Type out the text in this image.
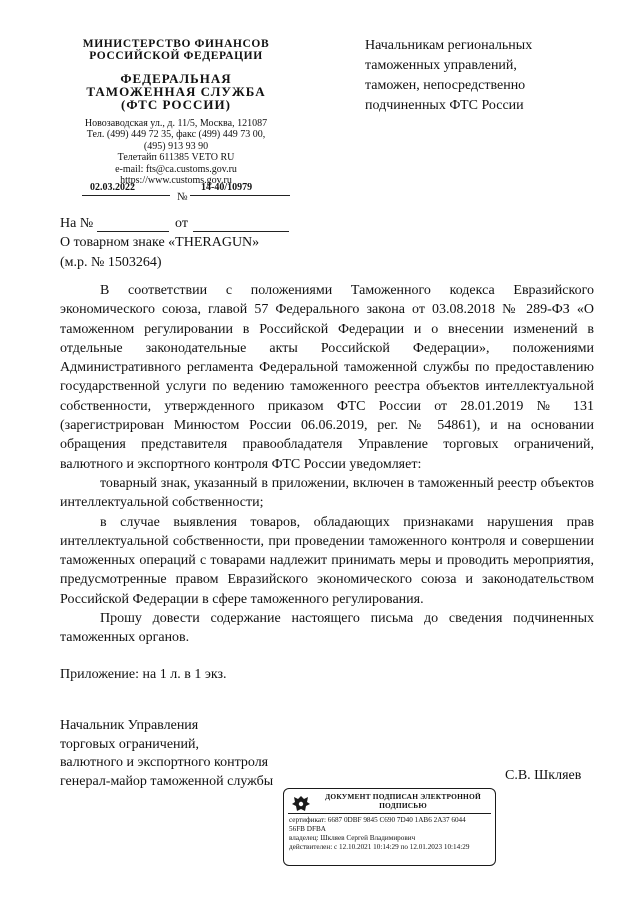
МИНИСТЕРСТВО ФИНАНСОВ
РОССИЙСКОЙ ФЕДЕРАЦИИ
ФЕДЕРАЛЬНАЯ
ТАМОЖЕННАЯ СЛУЖБА
(ФТС РОССИИ)
Новозаводская ул., д. 11/5, Москва, 121087
Тел. (499) 449 72 35, факс (499) 449 73 00,
(495) 913 93 90
Телетайп 611385 VETO RU
e-mail: fts@ca.customs.gov.ru
https://www.customs.gov.ru
02.03.2022	14-40/10979
№
Начальникам региональных
таможенных управлений,
таможен, непосредственно
подчиненных ФТС России
На №	от
О товарном знаке «THERAGUN»
(м.р. № 1503264)

В соответствии с положениями Таможенного кодекса Евразийского экономического союза, главой 57 Федерального закона от 03.08.2018 № 289-ФЗ «О таможенном регулировании в Российской Федерации и о внесении изменений в отдельные законодательные акты Российской Федерации», положениями Административного регламента Федеральной таможенной службы по предоставлению государственной услуги по ведению таможенного реестра объектов интеллектуальной собственности, утвержденного приказом ФТС России от 28.01.2019 № 131 (зарегистрирован Минюстом России 06.06.2019, рег. № 54861), и на основании обращения представителя правообладателя Управление торговых ограничений, валютного и экспортного контроля ФТС России уведомляет:

товарный знак, указанный в приложении, включен в таможенный реестр объектов интеллектуальной собственности;

в случае выявления товаров, обладающих признаками нарушения прав интеллектуальной собственности, при проведении таможенного контроля и совершении таможенных операций с товарами надлежит принимать меры и проводить мероприятия, предусмотренные правом Евразийского экономического союза и законодательством Российской Федерации в сфере таможенного регулирования.

Прошу довести содержание настоящего письма до сведения подчиненных таможенных органов.

Приложение: на 1 л. в 1 экз.
Начальник Управления
торговых ограничений,
валютного и экспортного контроля
генерал-майор таможенной службы	С.В. Шкляев
ДОКУМЕНТ ПОДПИСАН ЭЛЕКТРОННОЙ
ПОДПИСЬЮ
сертификат: 6687 0DBF 9845 C690 7D40 1AB6 2A37 6044
56FB DFBA
владелец: Шкляев Сергей Владимирович
действителен: с 12.10.2021 10:14:29 по 12.01.2023 10:14:29
